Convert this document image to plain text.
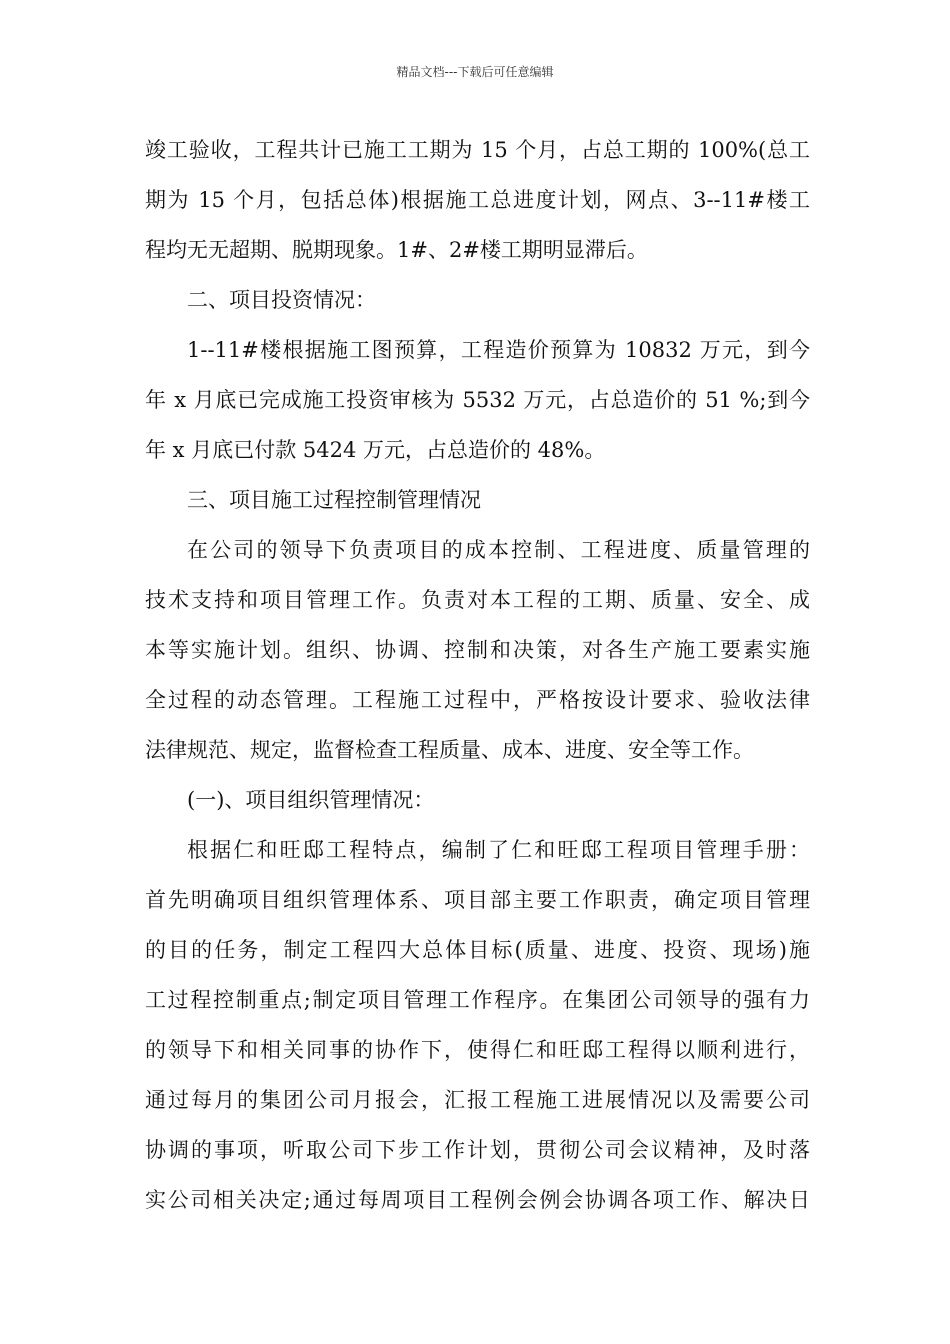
精品文档---下载后可任意编辑
竣工验收，工程共计已施工工期为 15 个月，占总工期的 100%(总工
期为 15 个月，包括总体)根据施工总进度计划，网点、3--11#楼工
程均无无超期、脱期现象。1#、2#楼工期明显滞后。
二、项目投资情况：
1--11#楼根据施工图预算，工程造价预算为 10832 万元，到今
年 x 月底已完成施工投资审核为 5532 万元，占总造价的 51 %;到今
年 x 月底已付款 5424 万元，占总造价的 48%。
三、项目施工过程控制管理情况
在公司的领导下负责项目的成本控制、工程进度、质量管理的
技术支持和项目管理工作。负责对本工程的工期、质量、安全、成
本等实施计划。组织、协调、控制和决策，对各生产施工要素实施
全过程的动态管理。工程施工过程中，严格按设计要求、验收法律
法律规范、规定，监督检查工程质量、成本、进度、安全等工作。
(一)、项目组织管理情况：
根据仁和旺邸工程特点，编制了仁和旺邸工程项目管理手册：
首先明确项目组织管理体系、项目部主要工作职责，确定项目管理
的目的任务，制定工程四大总体目标(质量、进度、投资、现场)施
工过程控制重点;制定项目管理工作程序。在集团公司领导的强有力
的领导下和相关同事的协作下，使得仁和旺邸工程得以顺利进行，
通过每月的集团公司月报会，汇报工程施工进展情况以及需要公司
协调的事项，听取公司下步工作计划，贯彻公司会议精神，及时落
实公司相关决定;通过每周项目工程例会例会协调各项工作、解决日
